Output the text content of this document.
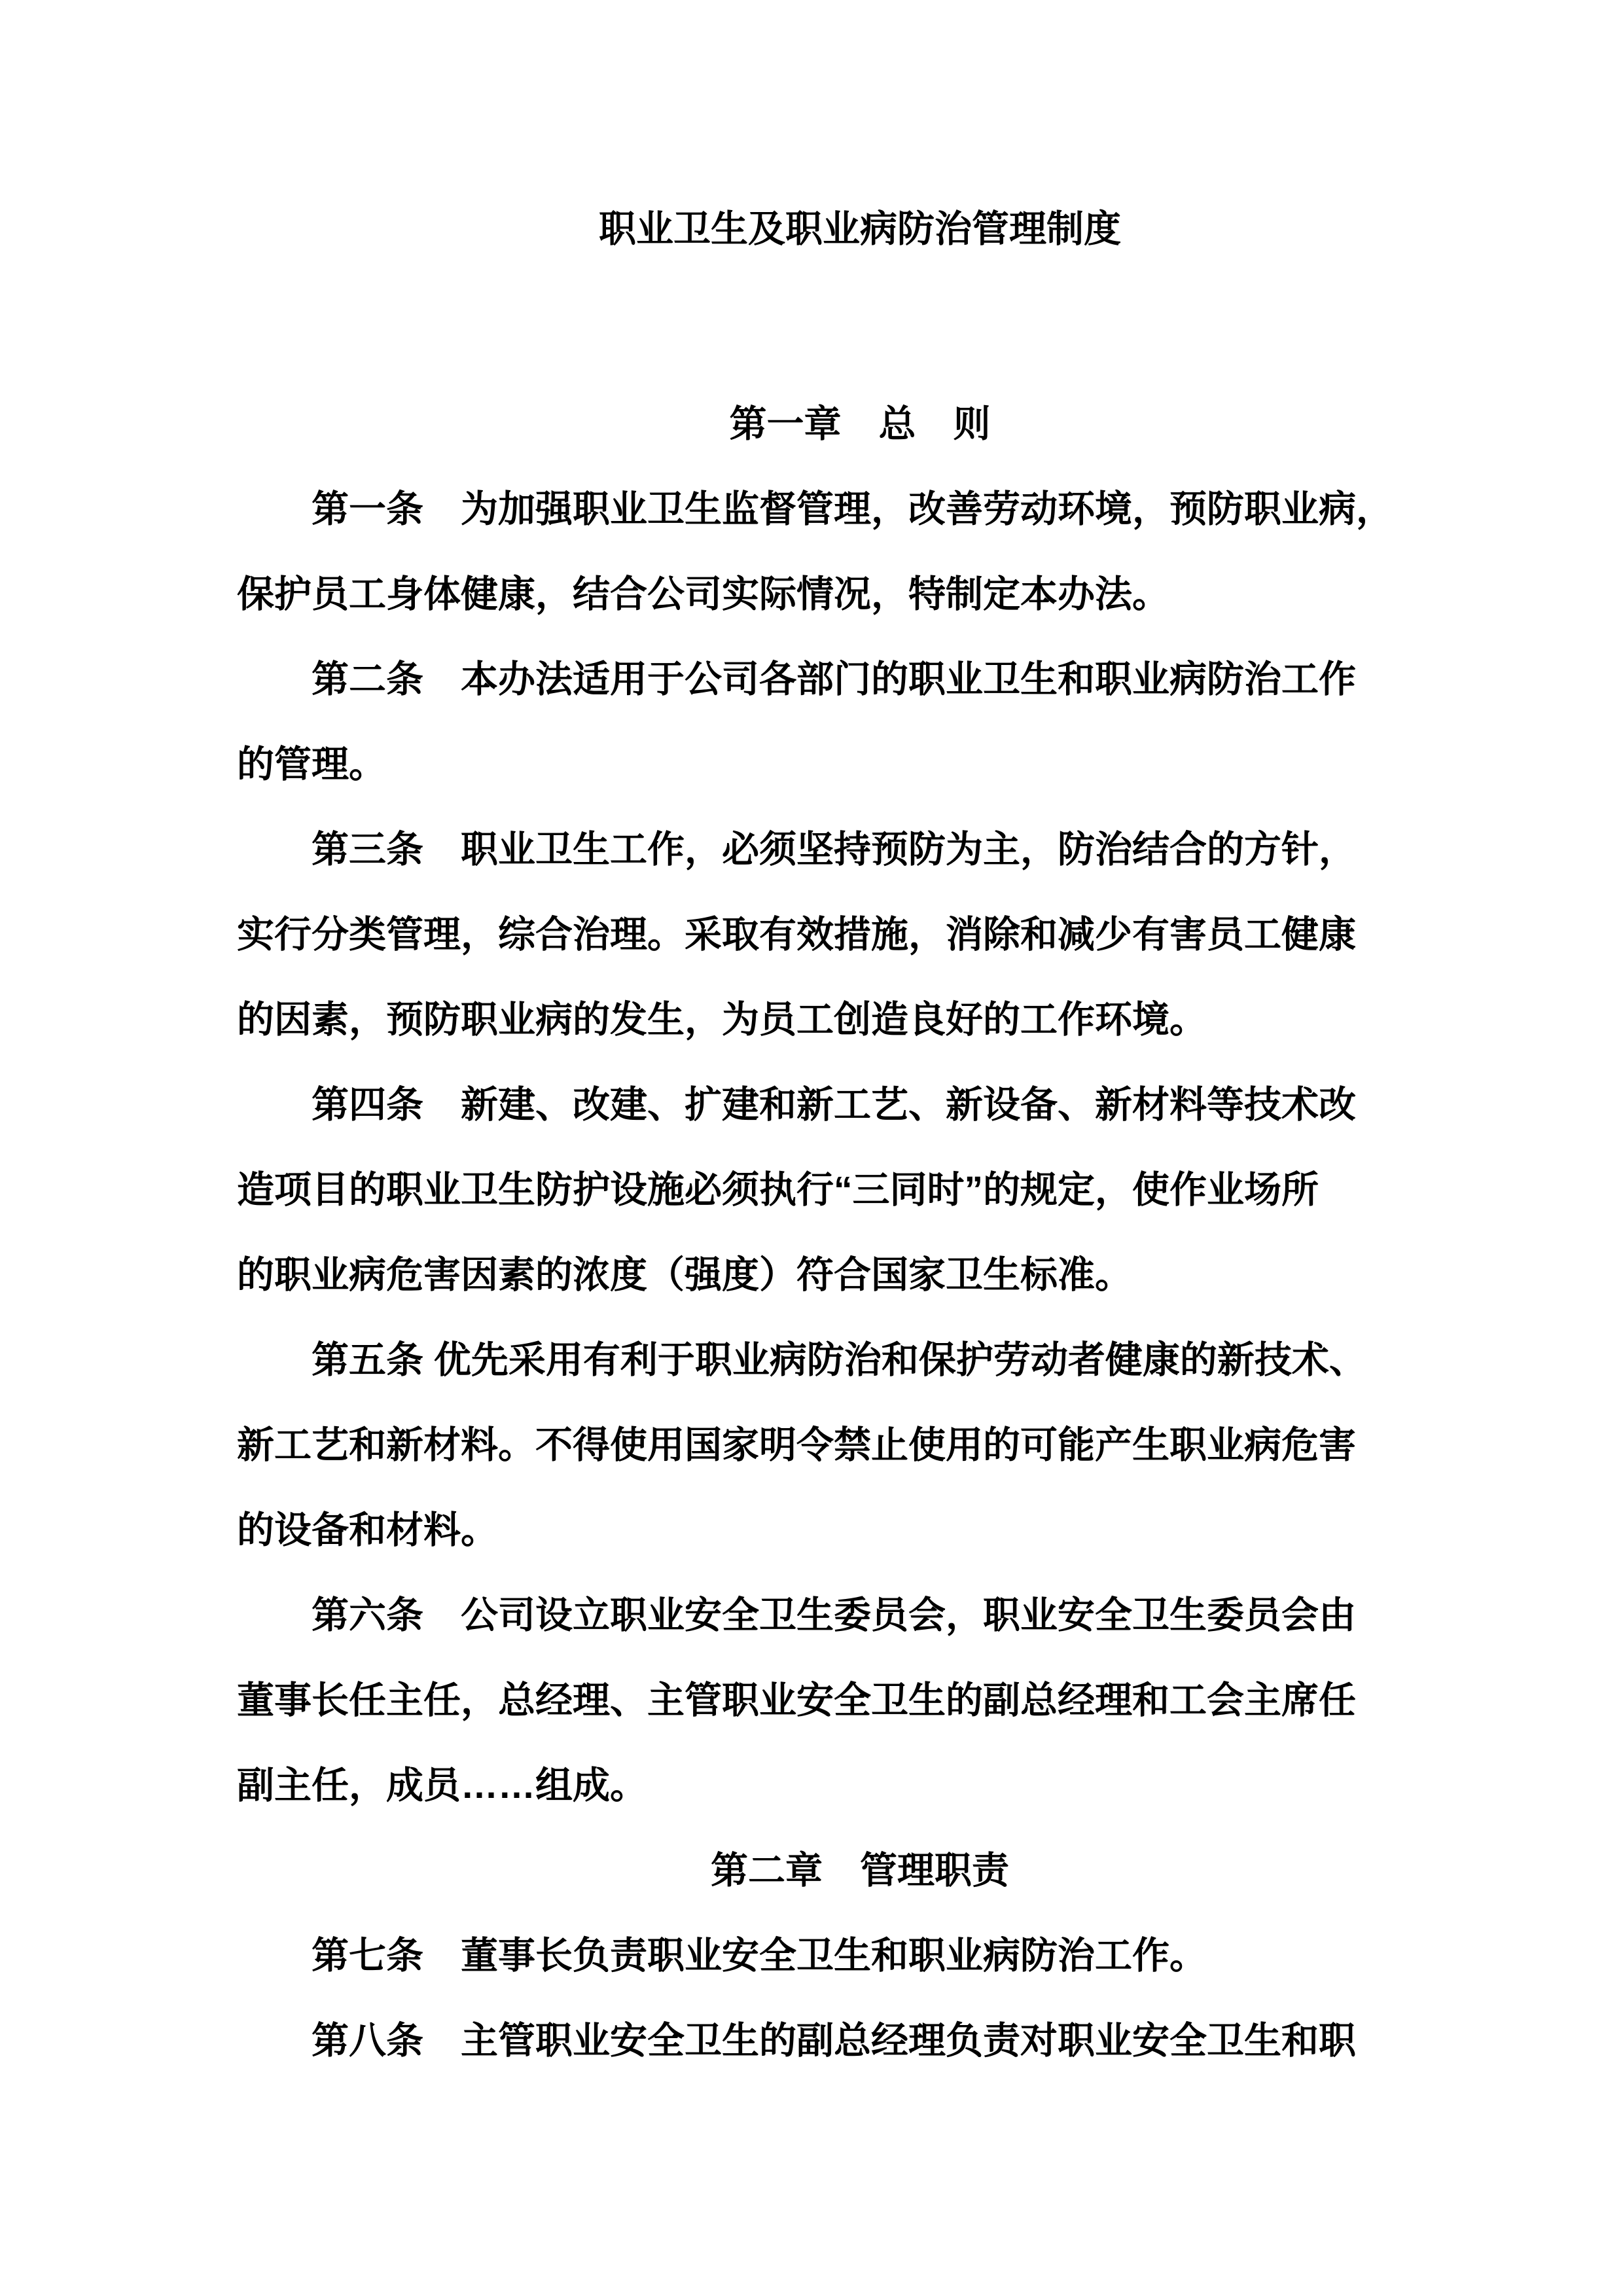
职业卫生及职业病防治管理制度
第一章　总　则
第一条　为加强职业卫生监督管理，改善劳动环境，预防职业病，
保护员工身体健康，结合公司实际情况，特制定本办法。
第二条　本办法适用于公司各部门的职业卫生和职业病防治工作
的管理。
第三条　职业卫生工作，必须坚持预防为主，防治结合的方针，
实行分类管理，综合治理。采取有效措施，消除和减少有害员工健康
的因素，预防职业病的发生，为员工创造良好的工作环境。
第四条　新建、改建、扩建和新工艺、新设备、新材料等技术改
造项目的职业卫生防护设施必须执行“三同时”的规定，使作业场所
的职业病危害因素的浓度（强度）符合国家卫生标准。
第五条 优先采用有利于职业病防治和保护劳动者健康的新技术、
新工艺和新材料。不得使用国家明令禁止使用的可能产生职业病危害
的设备和材料。
第六条　公司设立职业安全卫生委员会，职业安全卫生委员会由
董事长任主任，总经理、主管职业安全卫生的副总经理和工会主席任
副主任，成员……组成。
第二章　管理职责
第七条　董事长负责职业安全卫生和职业病防治工作。
第八条　主管职业安全卫生的副总经理负责对职业安全卫生和职
